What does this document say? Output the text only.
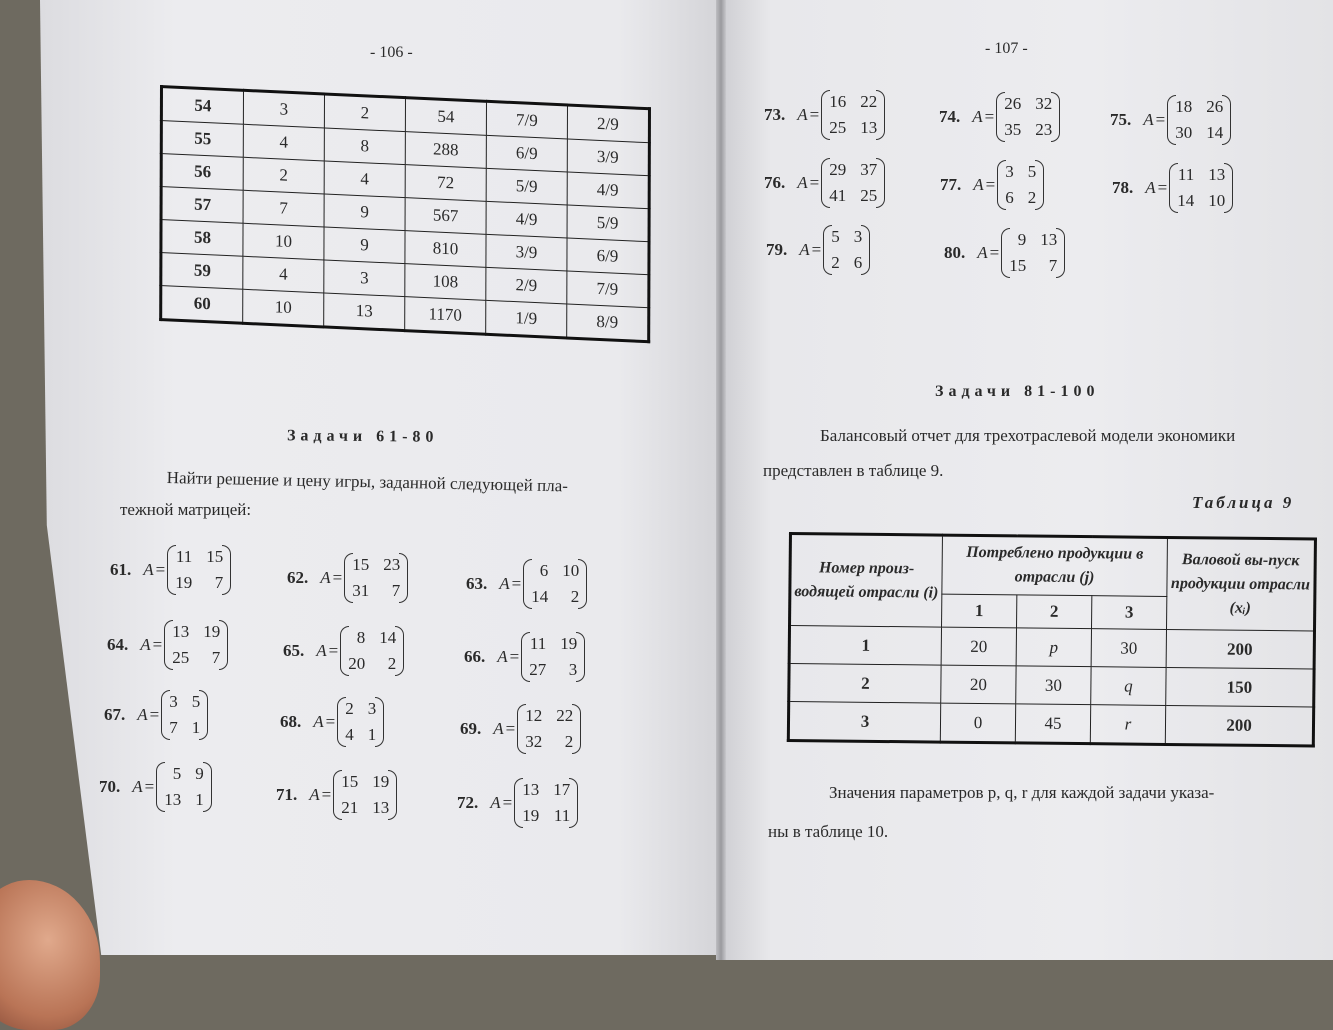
- 106 -
54	3	2	54	7/9	2/9
55	4	8	288	6/9	3/9
56	2	4	72	5/9	4/9
57	7	9	567	4/9	5/9
58	10	9	810	3/9	6/9
59	4	3	108	2/9	7/9
60	10	13	1170	1/9	8/9
Задачи 61-80
Найти решение и цену игры, заданной следующей пла-
тежной матрицей:
- 107 -
Задачи 81-100
Балансовый отчет для трехотраслевой модели экономики
представлен в таблице 9.
Таблица 9
Номер произ-водящей отрасли (i)	Потреблено продукции в отрасли (j)			Валовой вы-пуск продукции отрасли (xᵢ)
	1	2	3	
1	20	p	30	200
2	20	30	q	150
3	0	45	r	200
Значения параметров p, q, r для каждой задачи указа-
ны в таблице 10.
61. A =
11 15
19	7	62. A =
15 23
31	7	63. A =
6 10
14	2
64. A =
13 19
25	7	65. A =
8 14
20	2	66. A =
11 19
27	3
67. A =
3 5
7 1	68. A =
2 3
4 1	69. A =
12 22
32	2
70. A =
5 9
13 1	71. A =
15 19
21 13	72. A =
13 17
19 11
73. A =
16 22
25 13
74. A =
26 32
35 23
75. A =
18 26
30 14
76. A =
29 37
41 25
77. A =
3 5
6 2
78. A =
11 13
14 10
79. A =
5 3
2 6
80. A =
9 13
15	7
